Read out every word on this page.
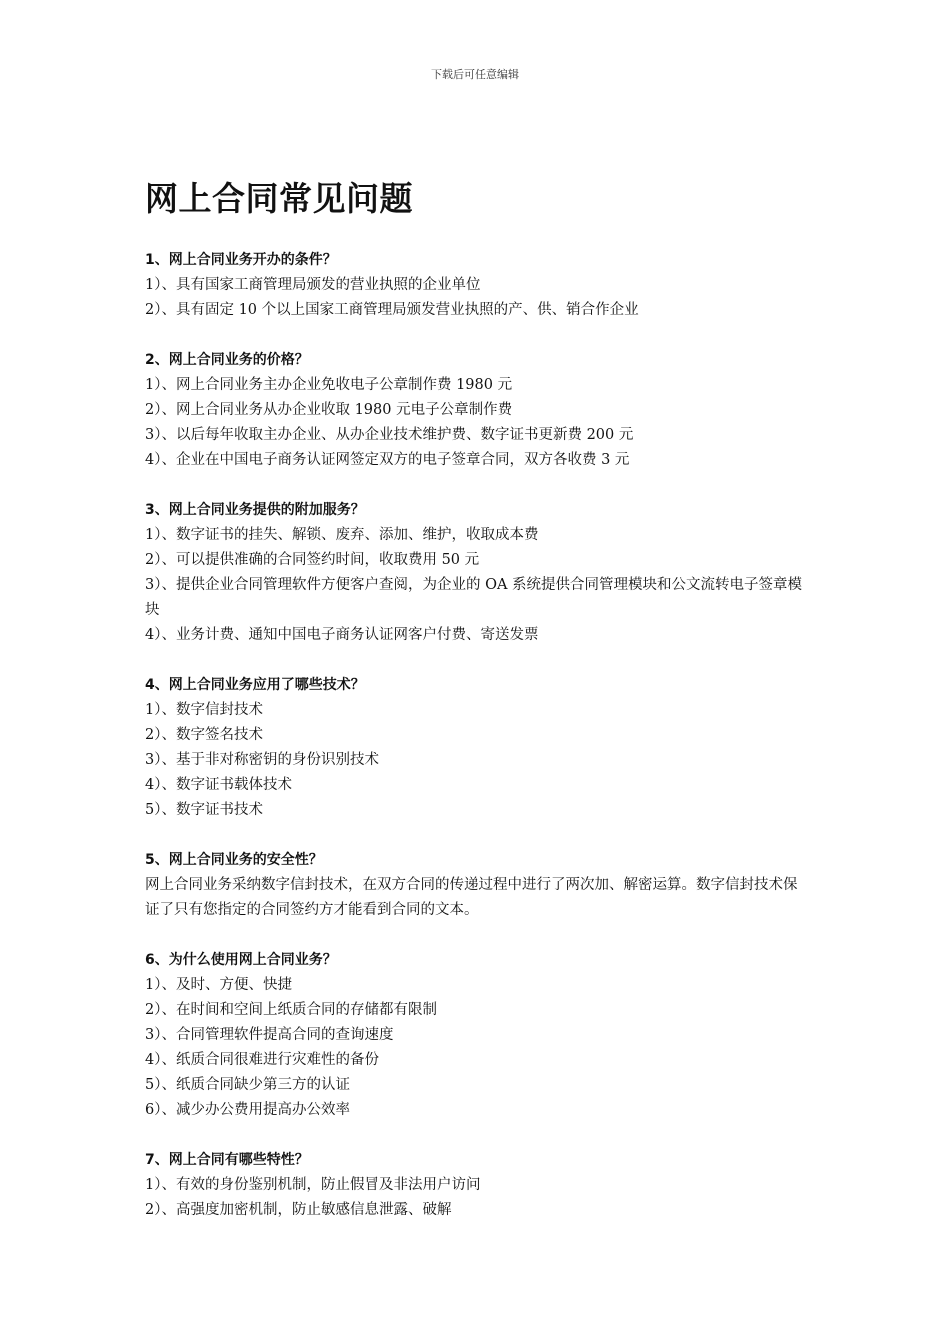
下载后可任意编辑
网上合同常见问题
1、网上合同业务开办的条件？
1）、具有国家工商管理局颁发的营业执照的企业单位
2）、具有固定 10 个以上国家工商管理局颁发营业执照的产、供、销合作企业
2、网上合同业务的价格？
1）、网上合同业务主办企业免收电子公章制作费 1980 元
2）、网上合同业务从办企业收取 1980 元电子公章制作费
3）、以后每年收取主办企业、从办企业技术维护费、数字证书更新费 200 元
4）、企业在中国电子商务认证网签定双方的电子签章合同，双方各收费 3 元
3、网上合同业务提供的附加服务？
1）、数字证书的挂失、解锁、废弃、添加、维护，收取成本费
2）、可以提供准确的合同签约时间，收取费用 50 元
3）、提供企业合同管理软件方便客户查阅，为企业的 OA 系统提供合同管理模块和公文流转电子签章模块
4）、业务计费、通知中国电子商务认证网客户付费、寄送发票
4、网上合同业务应用了哪些技术？
1）、数字信封技术
2）、数字签名技术
3）、基于非对称密钥的身份识别技术
4）、数字证书载体技术
5）、数字证书技术
5、网上合同业务的安全性？
网上合同业务采纳数字信封技术，在双方合同的传递过程中进行了两次加、解密运算。数字信封技术保证了只有您指定的合同签约方才能看到合同的文本。
6、为什么使用网上合同业务？
1）、及时、方便、快捷
2）、在时间和空间上纸质合同的存储都有限制
3）、合同管理软件提高合同的查询速度
4）、纸质合同很难进行灾难性的备份
5）、纸质合同缺少第三方的认证
6）、减少办公费用提高办公效率
7、网上合同有哪些特性？
1）、有效的身份鉴别机制，防止假冒及非法用户访问
2）、高强度加密机制，防止敏感信息泄露、破解
